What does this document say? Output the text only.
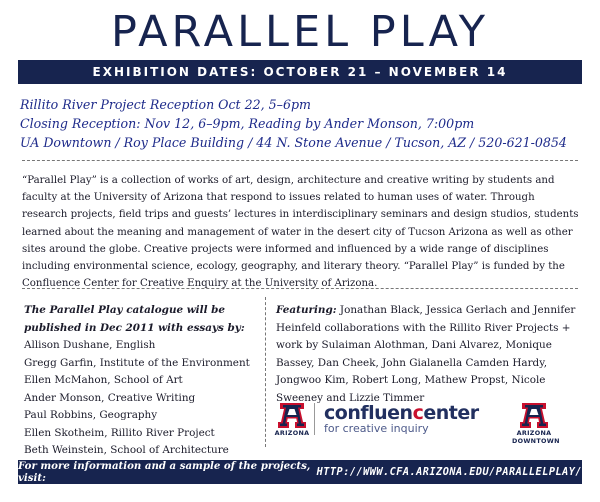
PARALLEL PLAY
EXHIBITION DATES: OCTOBER 21 – NOVEMBER 14
Rillito River Project Reception Oct 22, 5–6pm
Closing Reception: Nov 12, 6–9pm, Reading by Ander Monson, 7:00pm
UA Downtown / Roy Place Building / 44 N. Stone Avenue / Tucson, AZ / 520-621-0854
“Parallel Play” is a collection of works of art, design, architecture and creative writing by students and faculty at the University of Arizona that respond to issues related to human uses of water. Through research projects, field trips and guests’ lectures in interdisciplinary seminars and design studios, students learned about the meaning and management of water in the desert city of Tucson Arizona as well as other sites around the globe. Creative projects were informed and influenced by a wide range of disciplines including environmental science, ecology, geography, and literary theory. “Parallel Play” is funded by the Confluence Center for Creative Enquiry at the University of Arizona.
The Parallel Play catalogue will be
published in Dec 2011 with essays by:
Allison Dushane, English
Gregg Garfin, Institute of the Environment
Ellen McMahon, School of Art
Ander Monson, Creative Writing
Paul Robbins, Geography
Ellen Skotheim, Rillito River Project
Beth Weinstein, School of Architecture
Featuring: Jonathan Black, Jessica Gerlach and Jennifer Heinfeld collaborations with the Rillito River Projects + work by Sulaiman Alothman, Dani Alvarez, Monique Bassey, Dan Cheek, John Gialanella Camden Hardy, Jongwoo Kim, Robert Long, Mathew Propst, Nicole Sweeney and Lizzie Timmer
ARIZONA
confluencenter
for creative inquiry	ARIZONA
DOWNTOWN
For more information and a sample of the projects, visit:	HTTP://WWW.CFA.ARIZONA.EDU/PARALLELPLAY/
